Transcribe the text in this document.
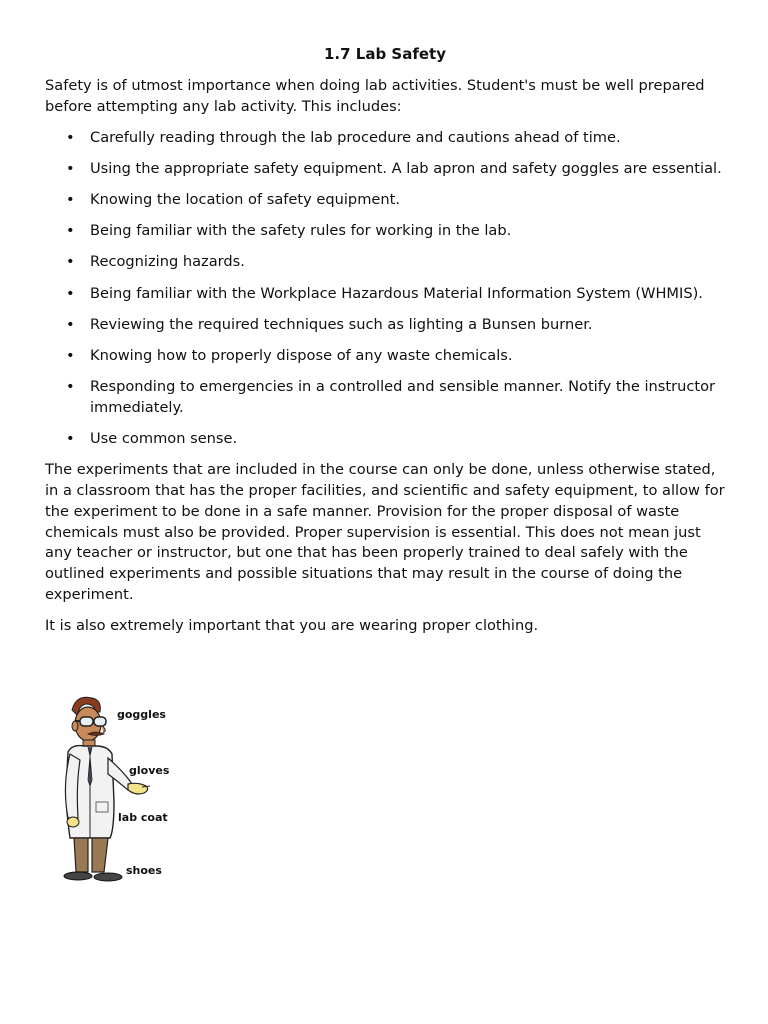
1.7 Lab Safety

Safety is of utmost importance when doing lab activities. Student's must be well prepared before attempting any lab activity. This includes:

• Carefully reading through the lab procedure and cautions ahead of time.
• Using the appropriate safety equipment. A lab apron and safety goggles are essential.
• Knowing the location of safety equipment.
• Being familiar with the safety rules for working in the lab.
• Recognizing hazards.
• Being familiar with the Workplace Hazardous Material Information System (WHMIS).
• Reviewing the required techniques such as lighting a Bunsen burner.
• Knowing how to properly dispose of any waste chemicals.
• Responding to emergencies in a controlled and sensible manner. Notify the instructor immediately.
• Use common sense.

The experiments that are included in the course can only be done, unless otherwise stated, in a classroom that has the proper facilities, and scientific and safety equipment, to allow for the experiment to be done in a safe manner. Provision for the proper disposal of waste chemicals must also be provided. Proper supervision is essential. This does not mean just any teacher or instructor, but one that has been properly trained to deal safely with the outlined experiments and possible situations that may result in the course of doing the experiment.

It is also extremely important that you are wearing proper clothing.

goggles
gloves
lab coat
shoes
